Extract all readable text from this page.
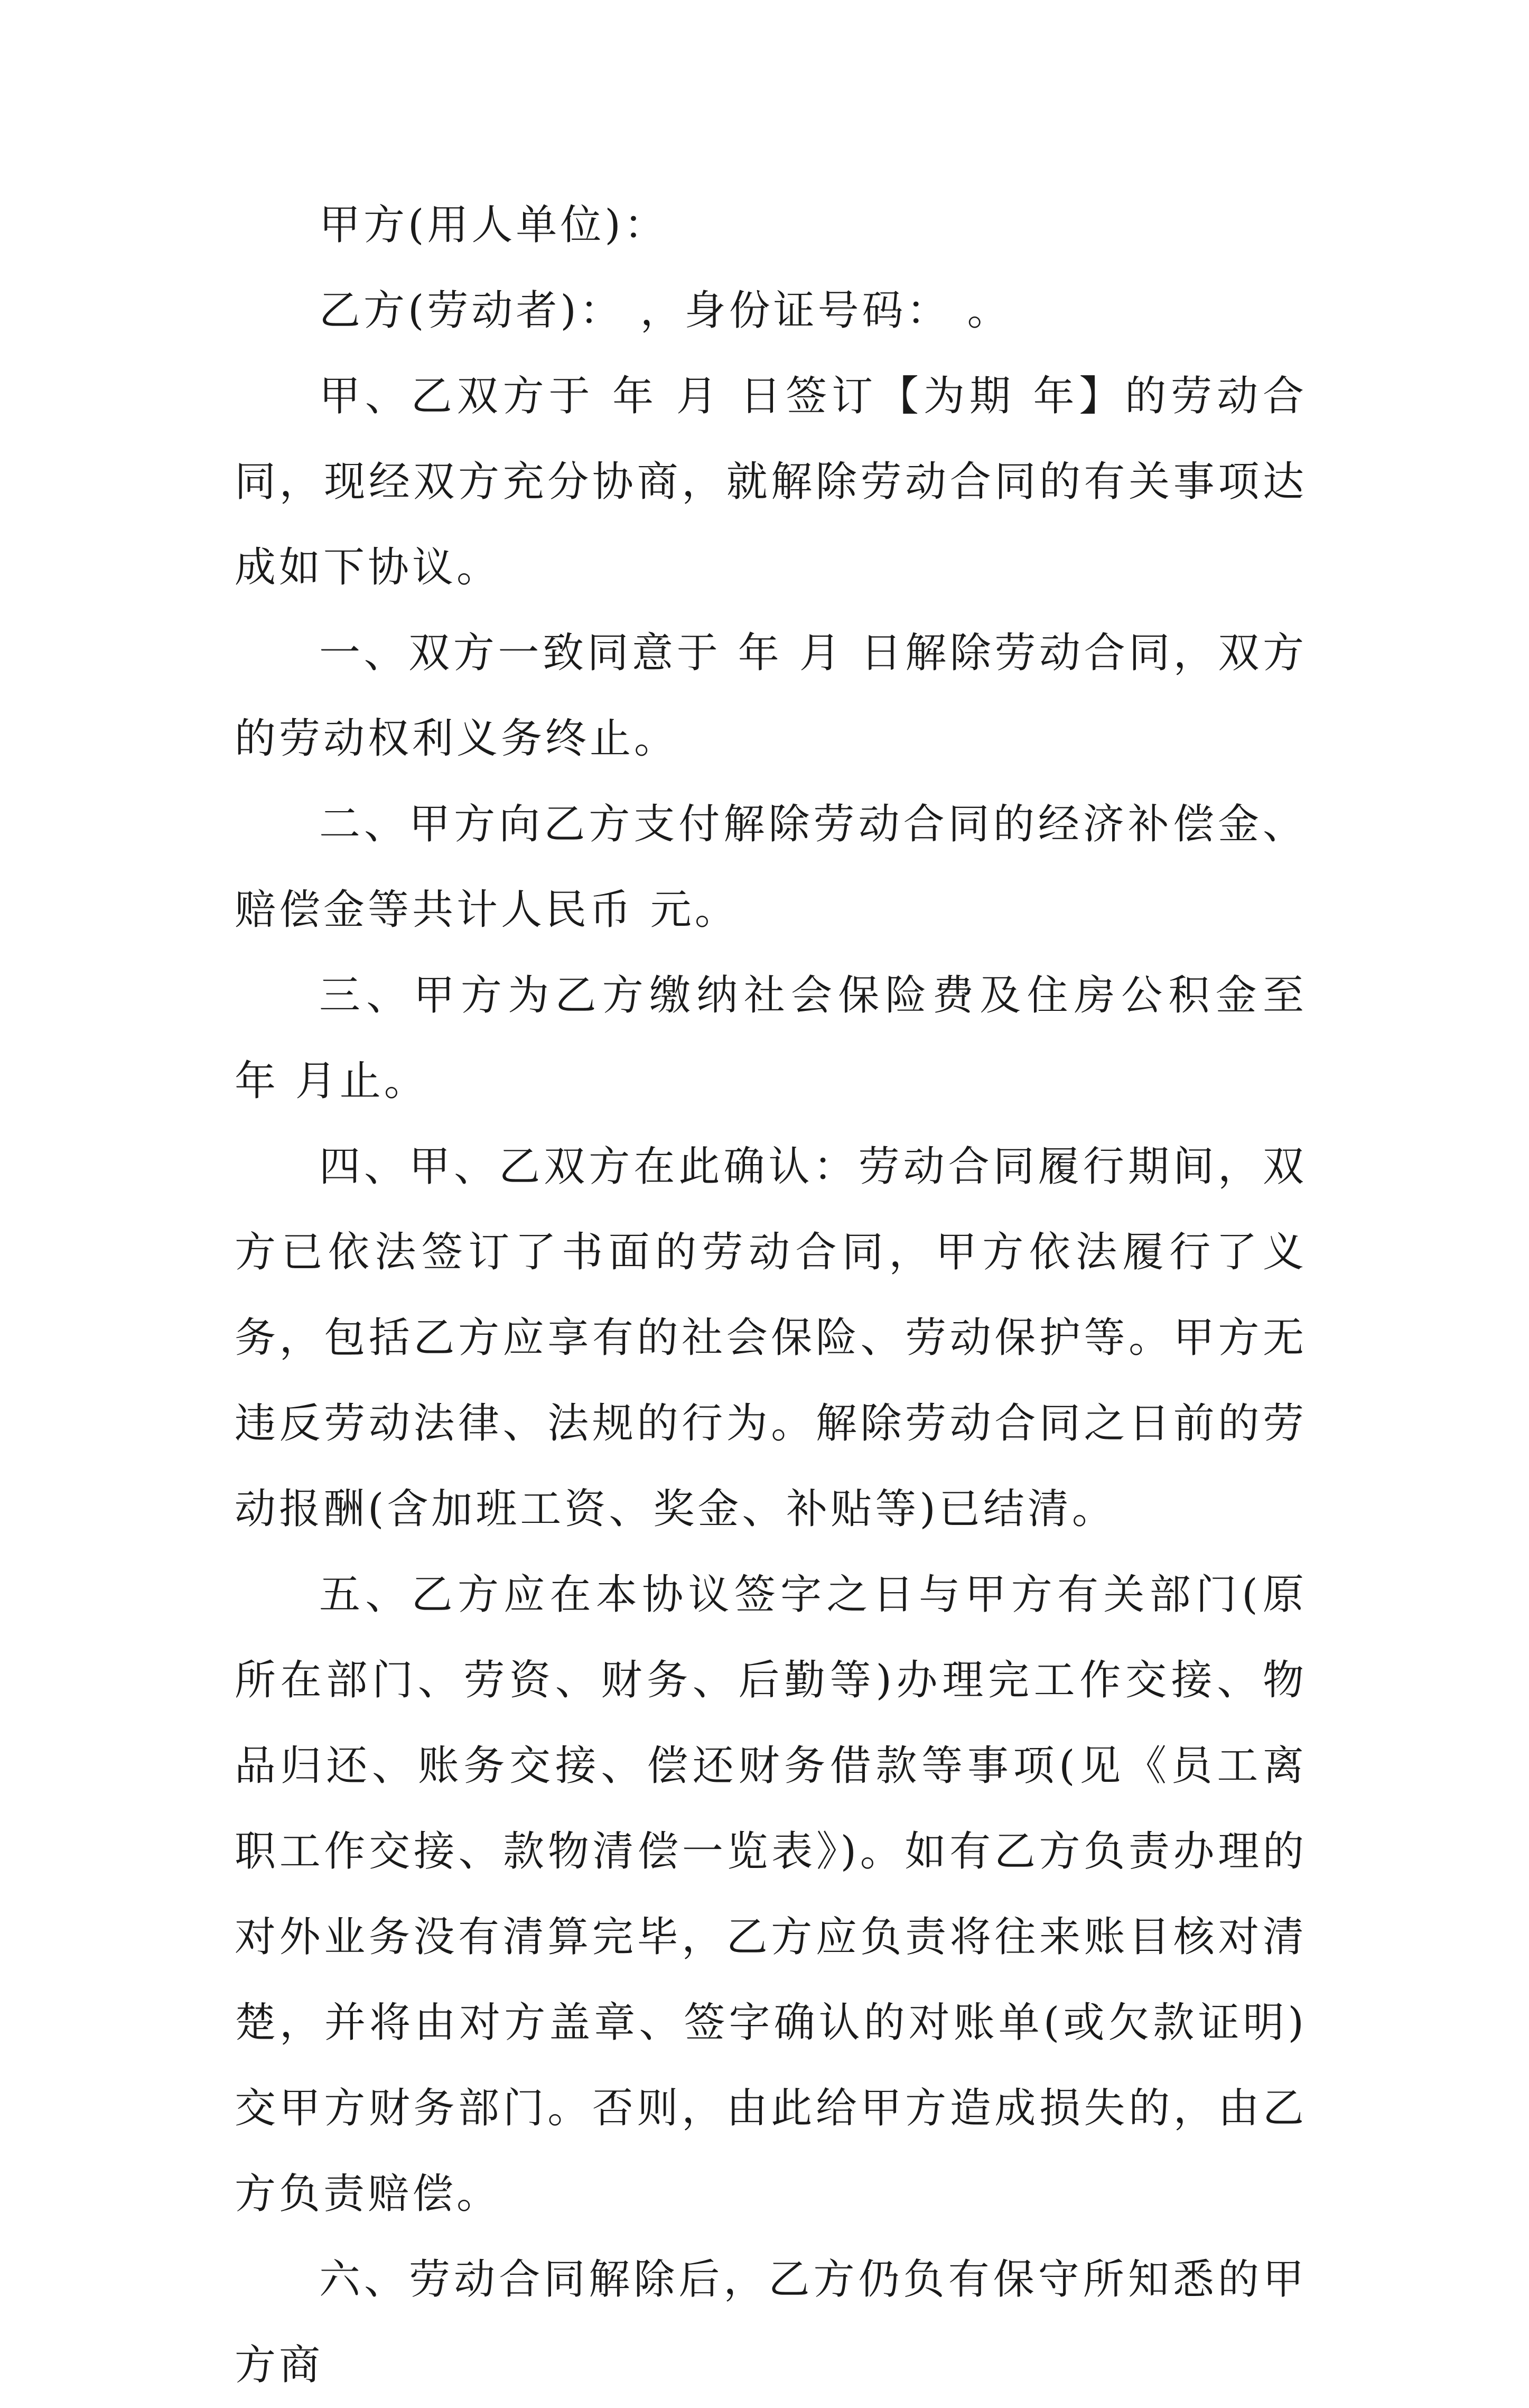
甲方(用人单位)：

乙方(劳动者)： ，身份证号码： 。

甲、乙双方于 年 月 日签订【为期 年】的劳动合同，现经双方充分协商，就解除劳动合同的有关事项达成如下协议。

一、双方一致同意于 年 月 日解除劳动合同，双方的劳动权利义务终止。

二、甲方向乙方支付解除劳动合同的经济补偿金、赔偿金等共计人民币 元。

三、甲方为乙方缴纳社会保险费及住房公积金至 年 月止。

四、甲、乙双方在此确认：劳动合同履行期间，双方已依法签订了书面的劳动合同，甲方依法履行了义务，包括乙方应享有的社会保险、劳动保护等。甲方无违反劳动法律、法规的行为。解除劳动合同之日前的劳动报酬(含加班工资、奖金、补贴等)已结清。

五、乙方应在本协议签字之日与甲方有关部门(原所在部门、劳资、财务、后勤等)办理完工作交接、物品归还、账务交接、偿还财务借款等事项(见《员工离职工作交接、款物清偿一览表》)。如有乙方负责办理的对外业务没有清算完毕，乙方应负责将往来账目核对清楚，并将由对方盖章、签字确认的对账单(或欠款证明)交甲方财务部门。否则，由此给甲方造成损失的，由乙方负责赔偿。

六、劳动合同解除后，乙方仍负有保守所知悉的甲方商
